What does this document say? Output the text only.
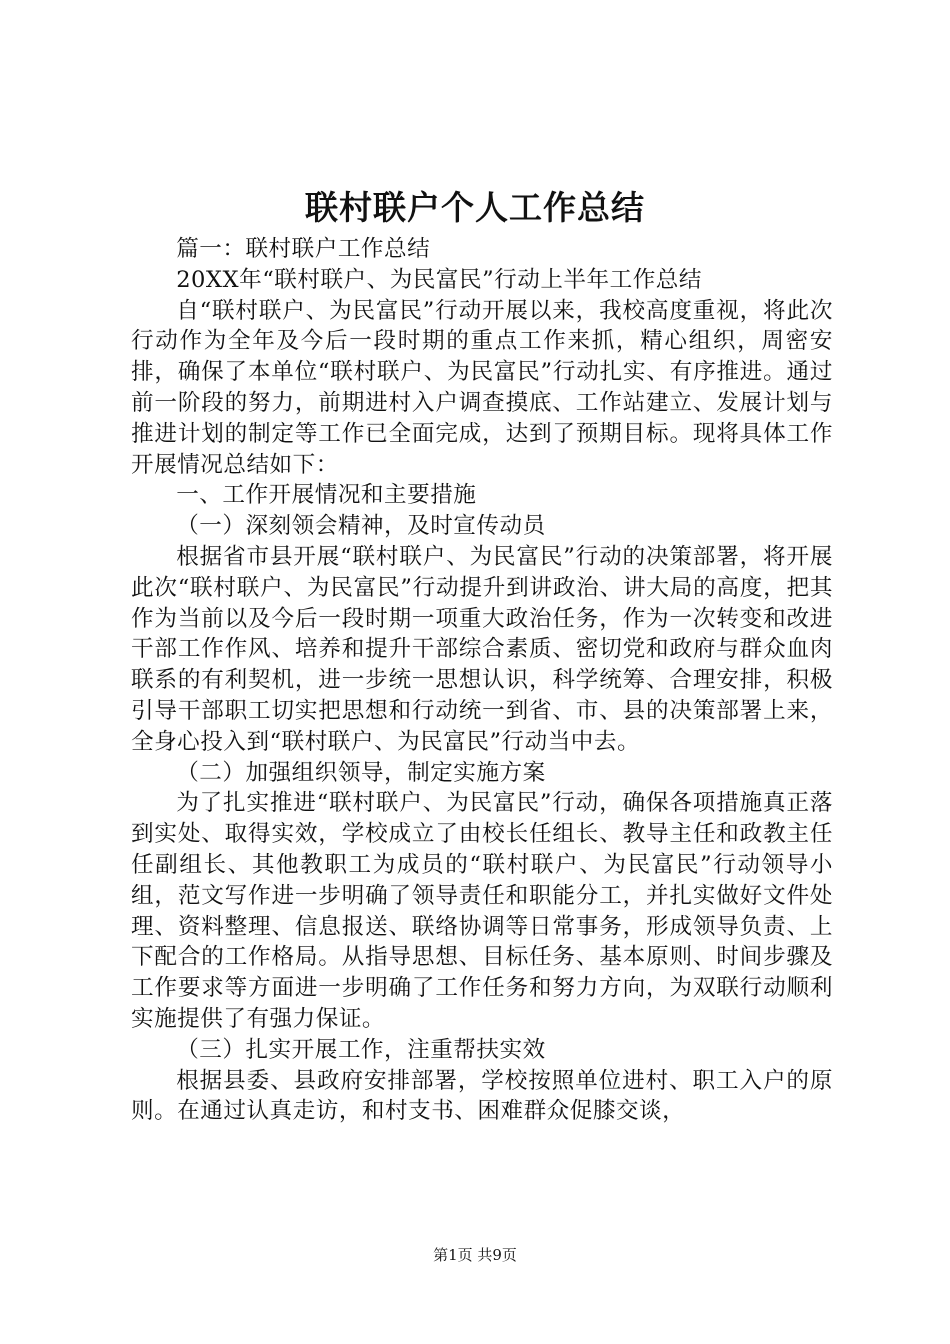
联村联户个人工作总结

篇一：联村联户工作总结

20XX年“联村联户、为民富民”行动上半年工作总结

自“联村联户、为民富民”行动开展以来，我校高度重视，将此次行动作为全年及今后一段时期的重点工作来抓，精心组织，周密安排，确保了本单位“联村联户、为民富民”行动扎实、有序推进。通过前一阶段的努力，前期进村入户调查摸底、工作站建立、发展计划与推进计划的制定等工作已全面完成，达到了预期目标。现将具体工作开展情况总结如下：

一、工作开展情况和主要措施

（一）深刻领会精神，及时宣传动员

根据省市县开展“联村联户、为民富民”行动的决策部署，将开展此次“联村联户、为民富民”行动提升到讲政治、讲大局的高度，把其作为当前以及今后一段时期一项重大政治任务，作为一次转变和改进干部工作作风、培养和提升干部综合素质、密切党和政府与群众血肉联系的有利契机，进一步统一思想认识，科学统筹、合理安排，积极引导干部职工切实把思想和行动统一到省、市、县的决策部署上来，全身心投入到“联村联户、为民富民”行动当中去。

（二）加强组织领导，制定实施方案

为了扎实推进“联村联户、为民富民”行动，确保各项措施真正落到实处、取得实效，学校成立了由校长任组长、教导主任和政教主任任副组长、其他教职工为成员的“联村联户、为民富民”行动领导小组，范文写作进一步明确了领导责任和职能分工，并扎实做好文件处理、资料整理、信息报送、联络协调等日常事务，形成领导负责、上下配合的工作格局。从指导思想、目标任务、基本原则、时间步骤及工作要求等方面进一步明确了工作任务和努力方向，为双联行动顺利实施提供了有强力保证。

（三）扎实开展工作，注重帮扶实效

根据县委、县政府安排部署，学校按照单位进村、职工入户的原则。在通过认真走访，和村支书、困难群众促膝交谈，

第1页 共9页
